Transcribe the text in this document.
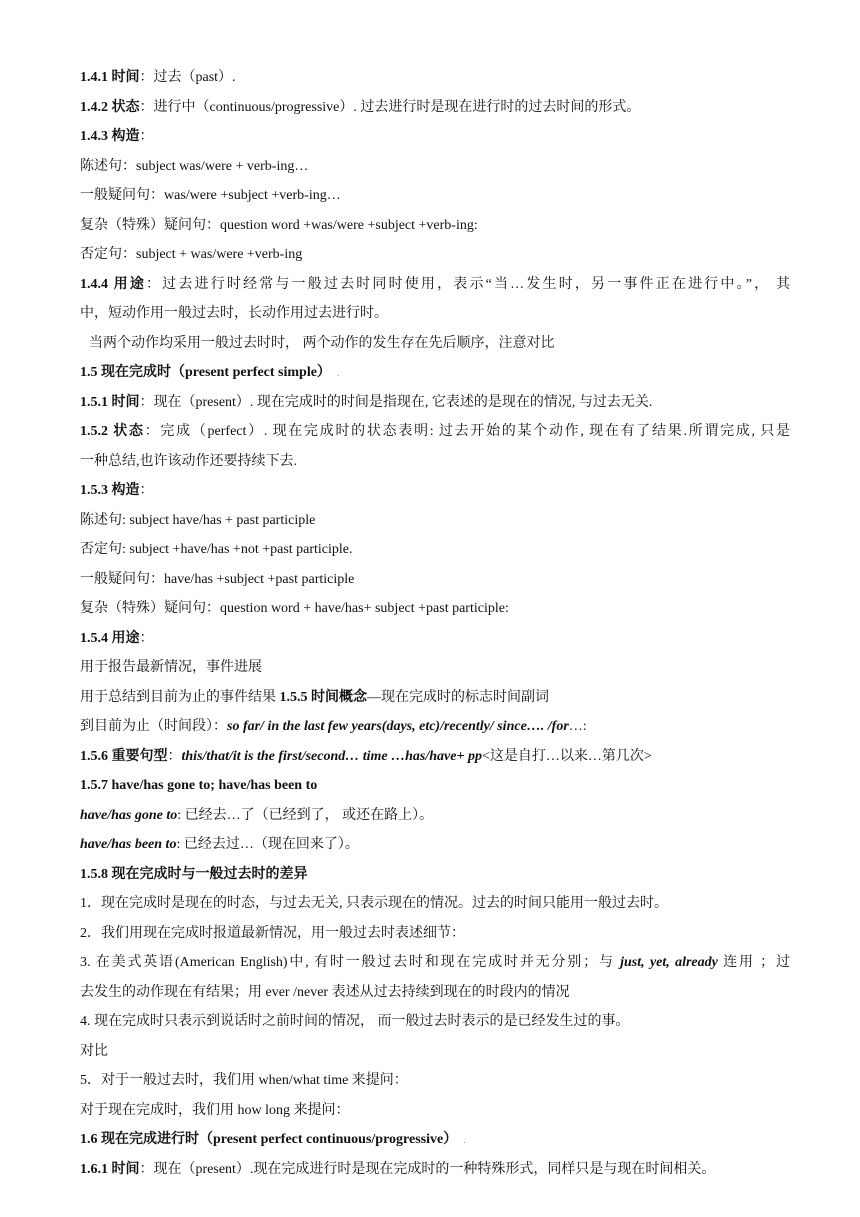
1.4.1 时间：过去（past）.
1.4.2 状态：进行中（continuous/progressive）. 过去进行时是现在进行时的过去时间的形式。
1.4.3 构造：
陈述句：subject was/were + verb-ing…
一般疑问句：was/were +subject +verb-ing…
复杂（特殊）疑问句：question word +was/were +subject +verb-ing:
否定句：subject + was/were +verb-ing
1.4.4 用途：过去进行时经常与一般过去时同时使用，表示“当…发生时，另一事件正在进行中。”， 其
中，短动作用一般过去时，长动作用过去进行时。
当两个动作均采用一般过去时时， 两个动作的发生存在先后顺序，注意对比
1.5 现在完成时（present perfect simple） .
1.5.1 时间：现在（present）. 现在完成时的时间是指现在, 它表述的是现在的情况, 与过去无关.
1.5.2 状态：完成（perfect）. 现在完成时的状态表明: 过去开始的某个动作, 现在有了结果.所谓完成, 只是
一种总结,也许该动作还要持续下去.
1.5.3 构造：
陈述句: subject have/has + past participle
否定句: subject +have/has +not +past participle.
一般疑问句：have/has +subject +past participle
复杂（特殊）疑问句：question word + have/has+ subject +past participle:
1.5.4 用途：
用于报告最新情况，事件进展
用于总结到目前为止的事件结果 1.5.5 时间概念—现在完成时的标志时间副词
到目前为止（时间段）：so far/ in the last few years(days, etc)/recently/ since…. /for…:
1.5.6 重要句型：this/that/it is the first/second… time …has/have+ pp<这是自打…以来…第几次>
1.5.7 have/has gone to; have/has been to
have/has gone to: 已经去…了（已经到了， 或还在路上）。
have/has been to: 已经去过…（现在回来了）。
1.5.8 现在完成时与一般过去时的差异
1．现在完成时是现在的时态，与过去无关, 只表示现在的情况。过去的时间只能用一般过去时。
2．我们用现在完成时报道最新情况，用一般过去时表述细节：
3. 在美式英语(American English)中, 有时一般过去时和现在完成时并无分别；与 just, yet, already 连用 ；过
去发生的动作现在有结果；用 ever /never 表述从过去持续到现在的时段内的情况
4. 现在完成时只表示到说话时之前时间的情况， 而一般过去时表示的是已经发生过的事。
对比
5．对于一般过去时，我们用 when/what time 来提问：
对于现在完成时，我们用 how long 来提问：
1.6 现在完成进行时（present perfect continuous/progressive） .
1.6.1 时间：现在（present）.现在完成进行时是现在完成时的一种特殊形式，同样只是与现在时间相关。
